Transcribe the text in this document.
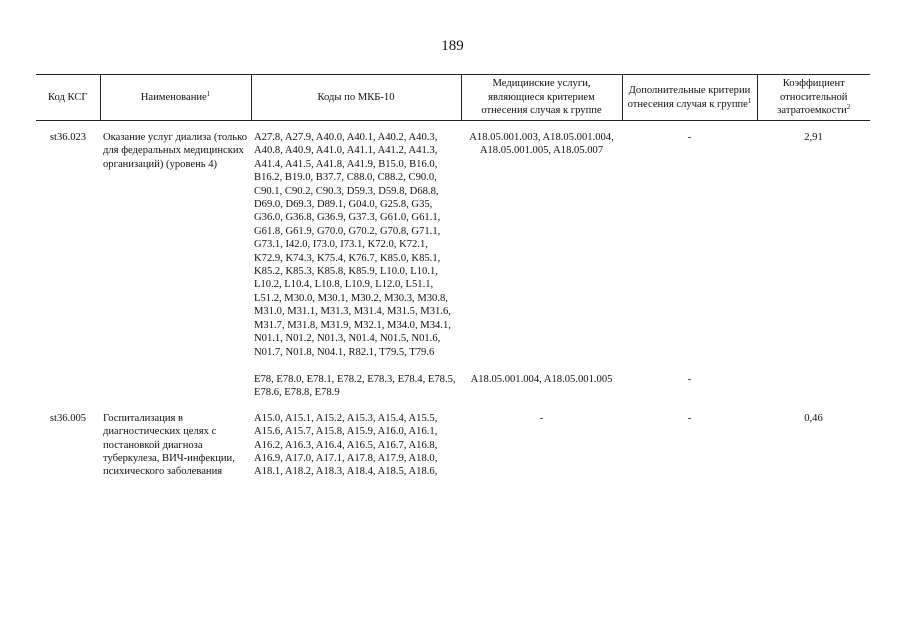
189
Код КСГ	Наименование$^1$	Коды по МКБ-10	Медицинские услуги, являющиеся критерием отнесения случая к группе	Дополнительные критерии отнесения случая к группе$^1$	Коэффициент относительной затратоемкости$^2$

st36.023	Оказание услуг диализа (только для федеральных медицинских организаций) (уровень 4)	A27.8, A27.9, A40.0, A40.1, A40.2, A40.3, A40.8, A40.9, A41.0, A41.1, A41.2, A41.3, A41.4, A41.5, A41.8, A41.9, B15.0, B16.0, B16.2, B19.0, B37.7, C88.0, C88.2, C90.0, C90.1, C90.2, C90.3, D59.3, D59.8, D68.8, D69.0, D69.3, D89.1, G04.0, G25.8, G35, G36.0, G36.8, G36.9, G37.3, G61.0, G61.1, G61.8, G61.9, G70.0, G70.2, G70.8, G71.1, G73.1, I42.0, I73.0, I73.1, K72.0, K72.1, K72.9, K74.3, K75.4, K76.7, K85.0, K85.1, K85.2, K85.3, K85.8, K85.9, L10.0, L10.1, L10.2, L10.4, L10.8, L10.9, L12.0, L51.1, L51.2, M30.0, M30.1, M30.2, M30.3, M30.8, M31.0, M31.1, M31.3, M31.4, M31.5, M31.6, M31.7, M31.8, M31.9, M32.1, M34.0, M34.1, N01.1, N01.2, N01.3, N01.4, N01.5, N01.6, N01.7, N01.8, N04.1, R82.1, T79.5, T79.6	A18.05.001.003, A18.05.001.004, A18.05.001.005, A18.05.007	-	2,91

		E78, E78.0, E78.1, E78.2, E78.3, E78.4, E78.5, E78.6, E78.8, E78.9	A18.05.001.004, A18.05.001.005	-	

st36.005	Госпитализация в диагностических целях с постановкой диагноза туберкулеза, ВИЧ-инфекции, психического заболевания	A15.0, A15.1, A15.2, A15.3, A15.4, A15.5, A15.6, A15.7, A15.8, A15.9, A16.0, A16.1, A16.2, A16.3, A16.4, A16.5, A16.7, A16.8, A16.9, A17.0, A17.1, A17.8, A17.9, A18.0, A18.1, A18.2, A18.3, A18.4, A18.5, A18.6,	-	-	0,46
